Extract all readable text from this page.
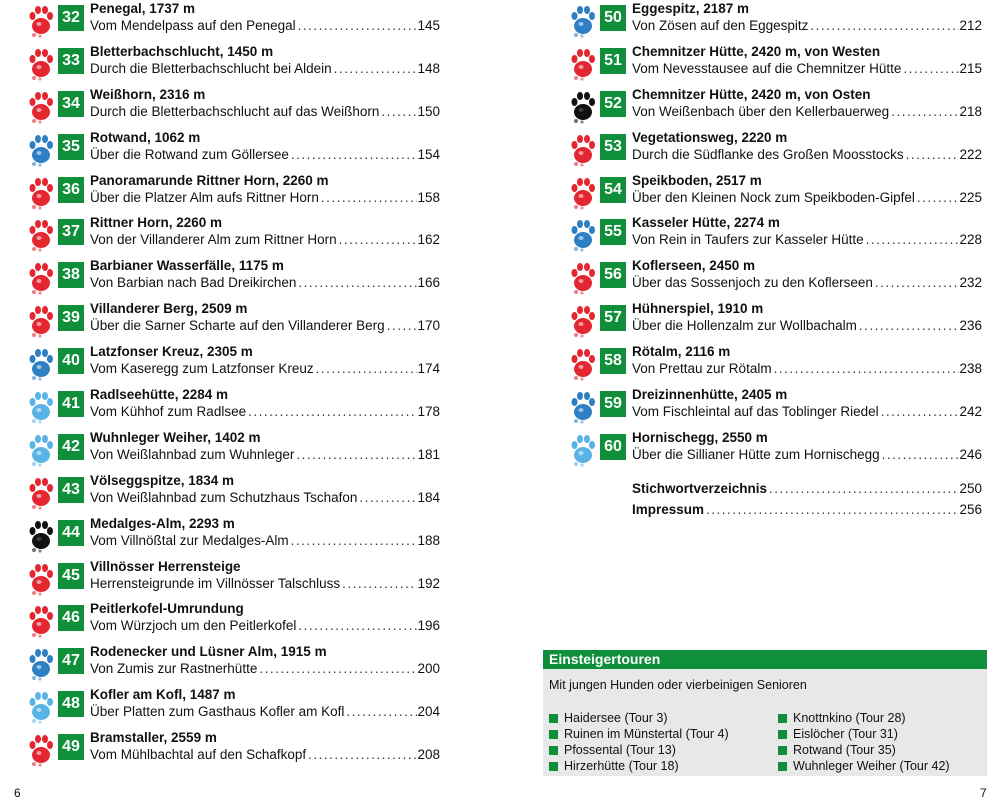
32
Penegal, 1737 m
Vom Mendelpass auf den Penegal .....	145
33
Bletterbachschlucht, 1450 m
Durch die Bletterbachschlucht bei Aldein .....	148
34
Weißhorn, 2316 m
Durch die Bletterbachschlucht auf das Weißhorn .....	150
35
Rotwand, 1062 m
Über die Rotwand zum Göllersee .....	154
36
Panoramarunde Rittner Horn, 2260 m
Über die Platzer Alm aufs Rittner Horn .....	158
37
Rittner Horn, 2260 m
Von der Villanderer Alm zum Rittner Horn .....	162
38
Barbianer Wasserfälle, 1175 m
Von Barbian nach Bad Dreikirchen .....	166
39
Villanderer Berg, 2509 m
Über die Sarner Scharte auf den Villanderer Berg ..... 170
40
Latzfonser Kreuz, 2305 m
Vom Kaseregg zum Latzfonser Kreuz .....	174
41
Radlseehütte, 2284 m
Vom Kühhof zum Radlsee .....	178
42
Wuhnleger Weiher, 1402 m
Von Weißlahnbad zum Wuhnleger .....	181
43
Völseggspitze, 1834 m
Von Weißlahnbad zum Schutzhaus Tschafon .....	184
44
Medalges-Alm, 2293 m
Vom Villnößtal zur Medalges-Alm .....	188
45
Villnösser Herrensteige
Herrensteigrunde im Villnösser Talschluss .....	192
46
Peitlerkofel-Umrundung
Vom Würzjoch um den Peitlerkofel .....	196
47
Rodenecker und Lüsner Alm, 1915 m
Von Zumis zur Rastnerhütte .....	200
48
Kofler am Kofl, 1487 m
Über Platten zum Gasthaus Kofler am Kofl .....	204
49
Bramstaller, 2559 m
Vom Mühlbachtal auf den Schafkopf .....	208
50
Eggespitz, 2187 m
Von Zösen auf den Eggespitz .....	212
51
Chemnitzer Hütte, 2420 m, von Westen
Vom Nevesstausee auf die Chemnitzer Hütte .....	215
52
Chemnitzer Hütte, 2420 m, von Osten
Von Weißenbach über den Kellerbauerweg .....	218
53
Vegetationsweg, 2220 m
Durch die Südflanke des Großen Moosstocks .....	222
54
Speikboden, 2517 m
Über den Kleinen Nock zum Speikboden-Gipfel .....	225
55
Kasseler Hütte, 2274 m
Von Rein in Taufers zur Kasseler Hütte .....	228
56
Koflerseen, 2450 m
Über das Sossenjoch zu den Koflerseen .....	232
57
Hühnerspiel, 1910 m
Über die Hollenzalm zur Wollbachalm .....	236
58
Rötalm, 2116 m
Von Prettau zur Rötalm .....	238
59
Dreizinnenhütte, 2405 m
Vom Fischleintal auf das Toblinger Riedel .....	242
60
Hornischegg, 2550 m
Über die Sillianer Hütte zum Hornischegg .....	246
Stichwortverzeichnis .....	250
Impressum .....	256
Einsteigertouren
Mit jungen Hunden oder vierbeinigen Senioren
Haidersee (Tour 3)
Ruinen im Münstertal (Tour 4)
Pfossental (Tour 13)
Hirzerhütte (Tour 18)
Knottnkino (Tour 28)
Eislöcher (Tour 31)
Rotwand (Tour 35)
Wuhnleger Weiher (Tour 42)
6	7
